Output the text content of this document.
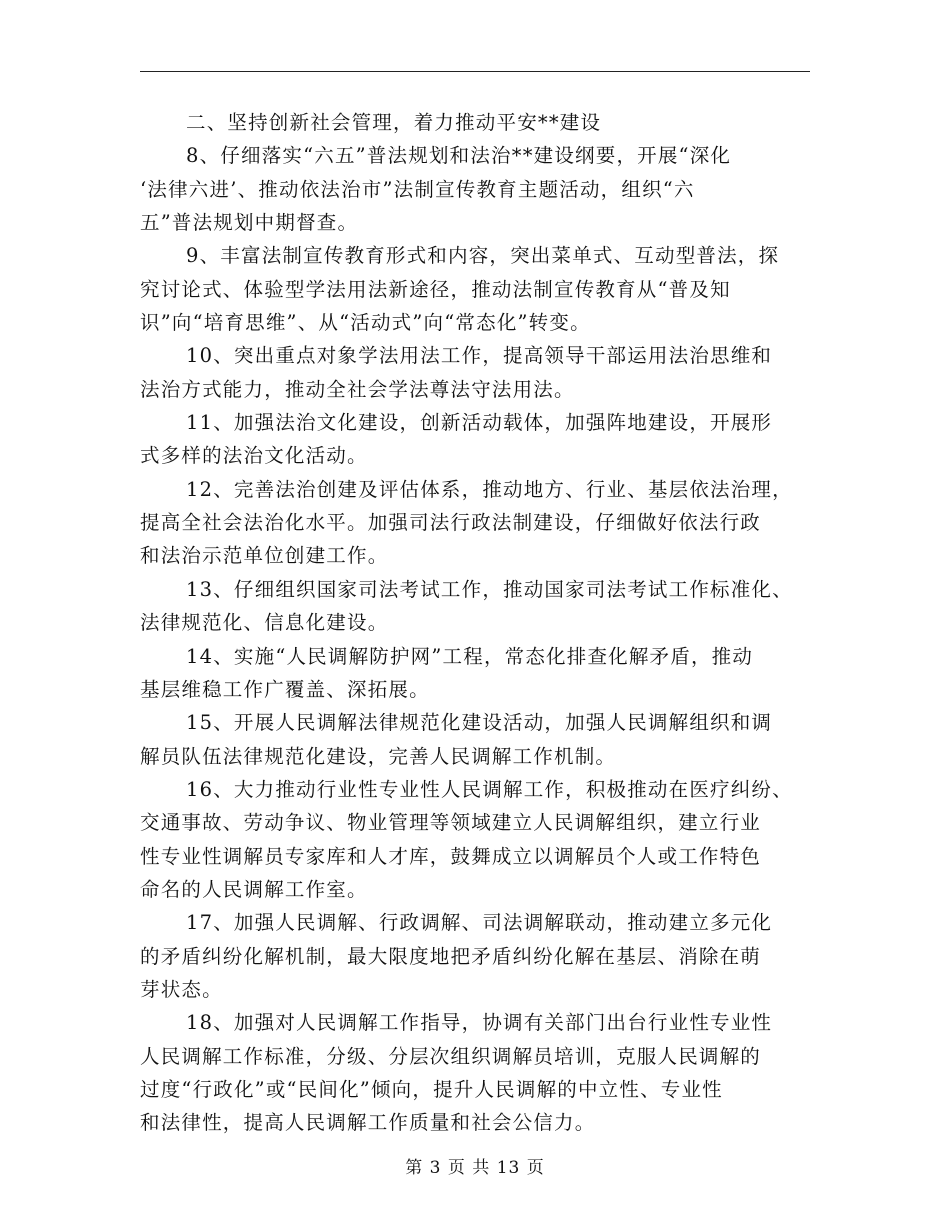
二、坚持创新社会管理，着力推动平安**建设
8、仔细落实“六五”普法规划和法治**建设纲要，开展“深化
‘法律六进’、推动依法治市”法制宣传教育主题活动，组织“六
五”普法规划中期督查。
9、丰富法制宣传教育形式和内容，突出菜单式、互动型普法，探
究讨论式、体验型学法用法新途径，推动法制宣传教育从“普及知
识”向“培育思维”、从“活动式”向“常态化”转变。
10、突出重点对象学法用法工作，提高领导干部运用法治思维和
法治方式能力，推动全社会学法尊法守法用法。
11、加强法治文化建设，创新活动载体，加强阵地建设，开展形
式多样的法治文化活动。
12、完善法治创建及评估体系，推动地方、行业、基层依法治理，
提高全社会法治化水平。加强司法行政法制建设，仔细做好依法行政
和法治示范单位创建工作。
13、仔细组织国家司法考试工作，推动国家司法考试工作标准化、
法律规范化、信息化建设。
14、实施“人民调解防护网”工程，常态化排查化解矛盾，推动
基层维稳工作广覆盖、深拓展。
15、开展人民调解法律规范化建设活动，加强人民调解组织和调
解员队伍法律规范化建设，完善人民调解工作机制。
16、大力推动行业性专业性人民调解工作，积极推动在医疗纠纷、
交通事故、劳动争议、物业管理等领域建立人民调解组织，建立行业
性专业性调解员专家库和人才库，鼓舞成立以调解员个人或工作特色
命名的人民调解工作室。
17、加强人民调解、行政调解、司法调解联动，推动建立多元化
的矛盾纠纷化解机制，最大限度地把矛盾纠纷化解在基层、消除在萌
芽状态。
18、加强对人民调解工作指导，协调有关部门出台行业性专业性
人民调解工作标准，分级、分层次组织调解员培训，克服人民调解的
过度“行政化”或“民间化”倾向，提升人民调解的中立性、专业性
和法律性，提高人民调解工作质量和社会公信力。
第 3 页 共 13 页
